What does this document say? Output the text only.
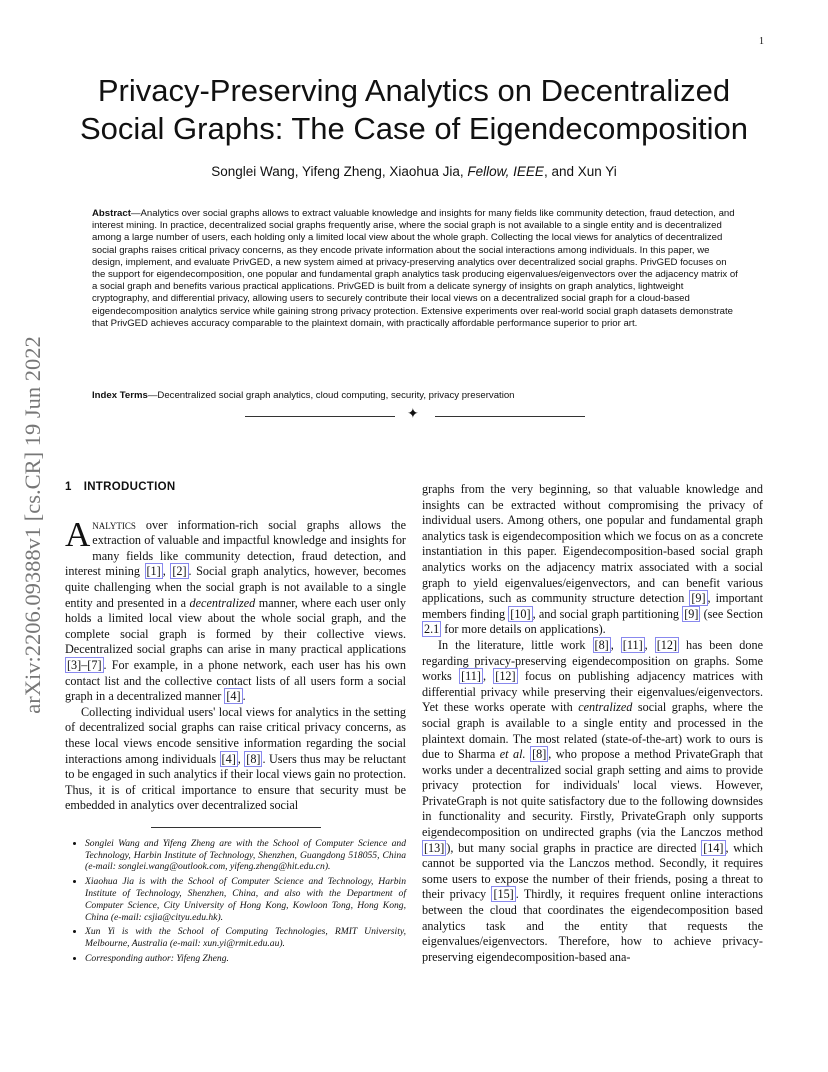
1
arXiv:2206.09388v1 [cs.CR] 19 Jun 2022
Privacy-Preserving Analytics on Decentralized
Social Graphs: The Case of Eigendecomposition
Songlei Wang, Yifeng Zheng, Xiaohua Jia, Fellow, IEEE, and Xun Yi
Abstract—Analytics over social graphs allows to extract valuable knowledge and insights for many fields like community detection, fraud detection, and interest mining. In practice, decentralized social graphs frequently arise, where the social graph is not available to a single entity and is decentralized among a large number of users, each holding only a limited local view about the whole graph. Collecting the local views for analytics of decentralized social graphs raises critical privacy concerns, as they encode private information about the social interactions among individuals. In this paper, we design, implement, and evaluate PrivGED, a new system aimed at privacy-preserving analytics over decentralized social graphs. PrivGED focuses on the support for eigendecomposition, one popular and fundamental graph analytics task producing eigenvalues/eigenvectors over the adjacency matrix of a social graph and benefits various practical applications. PrivGED is built from a delicate synergy of insights on graph analytics, lightweight cryptography, and differential privacy, allowing users to securely contribute their local views on a decentralized social graph for a cloud-based eigendecomposition analytics service while gaining strong privacy protection. Extensive experiments over real-world social graph datasets demonstrate that PrivGED achieves accuracy comparable to the plaintext domain, with practically affordable performance superior to prior art.
Index Terms—Decentralized social graph analytics, cloud computing, security, privacy preservation
✦
1 INTRODUCTION

Analytics over information-rich social graphs allows the extraction of valuable and impactful knowledge and insights for many fields like community detection, fraud detection, and interest mining [1] , [2] . Social graph analytics, however, becomes quite challenging when the social graph is not available to a single entity and presented in a decentralized manner, where each user only holds a limited local view about the whole social graph, and the complete social graph is formed by their collective views. Decentralized social graphs can arise in many practical applications [3]–[7] . For example, in a phone network, each user has his own contact list and the collective contact lists of all users form a social graph in a decentralized manner [4] .

Collecting individual users' local views for analytics in the setting of decentralized social graphs can raise critical privacy concerns, as these local views encode sensitive information regarding the social interactions among individuals [4] , [8] . Users thus may be reluctant to be engaged in such analytics if their local views gain no protection. Thus, it is of critical importance to ensure that security must be embedded in analytics over decentralized social

• Songlei Wang and Yifeng Zheng are with the School of Computer Science and Technology, Harbin Institute of Technology, Shenzhen, Guangdong 518055, China (e-mail: songlei.wang@outlook.com, yifeng.zheng@hit.edu.cn).
• Xiaohua Jia is with the School of Computer Science and Technology, Harbin Institute of Technology, Shenzhen, China, and also with the Department of Computer Science, City University of Hong Kong, Kowloon Tong, Hong Kong, China (e-mail: csjia@cityu.edu.hk).
• Xun Yi is with the School of Computing Technologies, RMIT University, Melbourne, Australia (e-mail: xun.yi@rmit.edu.au).
• Corresponding author: Yifeng Zheng.

graphs from the very beginning, so that valuable knowledge and insights can be extracted without compromising the privacy of individual users. Among others, one popular and fundamental graph analytics task is eigendecomposition which we focus on as a concrete instantiation in this paper. Eigendecomposition-based social graph analytics works on the adjacency matrix associated with a social graph to yield eigenvalues/eigenvectors, and can benefit various applications, such as community structure detection [9] , important members finding [10] , and social graph partitioning [9] (see Section 2.1 for more details on applications).

In the literature, little work [8] , [11] , [12] has been done regarding privacy-preserving eigendecomposition on graphs. Some works [11] , [12] focus on publishing adjacency matrices with differential privacy while preserving their eigenvalues/eigenvectors. Yet these works operate with centralized social graphs, where the social graph is available to a single entity and processed in the plaintext domain. The most related (state-of-the-art) work to ours is due to Sharma et al. [8] , who propose a method PrivateGraph that works under a decentralized social graph setting and aims to provide privacy protection for individuals' local views. However, PrivateGraph is not quite satisfactory due to the following downsides in functionality and security. Firstly, PrivateGraph only supports eigendecomposition on undirected graphs (via the Lanczos method [13] ), but many social graphs in practice are directed [14] , which cannot be supported via the Lanczos method. Secondly, it requires some users to expose the number of their friends, posing a threat to their privacy [15] . Thirdly, it requires frequent online interactions between the cloud that coordinates the eigendecomposition based analytics task and the entity that requests the eigenvalues/eigenvectors. Therefore, how to achieve privacy-preserving eigendecomposition-based ana-
